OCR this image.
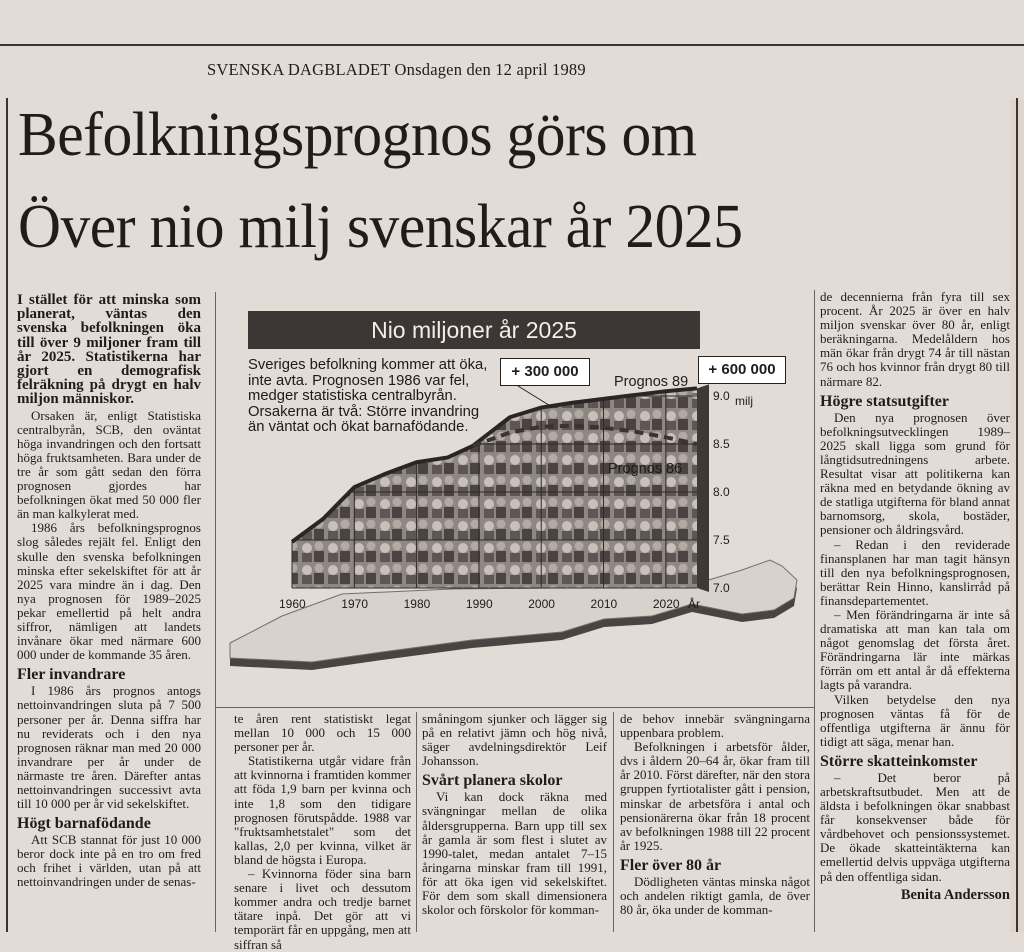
SVENSKA DAGBLADET Onsdagen den 12 april 1989
Befolkningsprognos görs om
Över nio milj svenskar år 2025

I stället för att minska som planerat, väntas den svenska befolkningen öka till över 9 miljoner fram till år 2025. Statistikerna har gjort en demografisk felräkning på drygt en halv miljon människor.

Orsaken är, enligt Statistiska centralbyrån, SCB, den oväntat höga invandringen och den fortsatt höga fruktsamheten. Bara under de tre år som gått sedan den förra prognosen gjordes har befolkningen ökat med 50 000 fler än man kalkylerat med.

1986 års befolkningsprognos slog således rejält fel. Enligt den skulle den svenska befolkningen minska efter sekelskiftet för att år 2025 vara mindre än i dag. Den nya prognosen för 1989–2025 pekar emellertid på helt andra siffror, nämligen att landets invånare ökar med närmare 600 000 under de kommande 35 åren.

Fler invandrare

I 1986 års prognos antogs nettoinvandringen sluta på 7 500 personer per år. Denna siffra har nu reviderats och i den nya prognosen räknar man med 20 000 invandrare per år under de närmaste tre åren. Därefter antas nettoinvandringen successivt avta till 10 000 per år vid sekelskiftet.

Högt barnafödande

Att SCB stannat för just 10 000 beror dock inte på en tro om fred och frihet i världen, utan på att nettoinvandringen under de senas-

Nio miljoner år 2025
Sveriges befolkning kommer att öka, inte avta. Prognosen 1986 var fel, medger statistiska centralbyrån. Orsakerna är två: Större invandring än väntat och ökat barnafödande.
+ 300 000	+ 600 000
Prognos 89
Prognos 86
7.0
7.5
8.0
8.5
9.0
1960	1970	1980	1990	2000	2010	2020
milj
År

te åren rent statistiskt legat mellan 10 000 och 15 000 personer per år.

Statistikerna utgår vidare från att kvinnorna i framtiden kommer att föda 1,9 barn per kvinna och inte 1,8 som den tidigare prognosen förutspådde. 1988 var "fruktsamhetstalet" som det kallas, 2,0 per kvinna, vilket är bland de högsta i Europa.

– Kvinnorna föder sina barn senare i livet och dessutom kommer andra och tredje barnet tätare inpå. Det gör att vi temporärt får en uppgång, men att siffran så

småningom sjunker och lägger sig på en relativt jämn och hög nivå, säger avdelningsdirektör Leif Johansson.

Svårt planera skolor

Vi kan dock räkna med svängningar mellan de olika åldersgrupperna. Barn upp till sex år gamla är som flest i slutet av 1990-talet, medan antalet 7–15 åringarna minskar fram till 1991, för att öka igen vid sekelskiftet. För dem som skall dimensionera skolor och förskolor för komman-

de behov innebär svängningarna uppenbara problem.

Befolkningen i arbetsför ålder, dvs i åldern 20–64 år, ökar fram till år 2010. Först därefter, när den stora gruppen fyrtiotalister gått i pension, minskar de arbetsföra i antal och pensionärerna ökar från 18 procent av befolkningen 1988 till 22 procent år 1925.

Fler över 80 år

Dödligheten väntas minska något och andelen riktigt gamla, de över 80 år, öka under de komman-

de decennierna från fyra till sex procent. År 2025 är över en halv miljon svenskar över 80 år, enligt beräkningarna. Medelåldern hos män ökar från drygt 74 år till nästan 76 och hos kvinnor från drygt 80 till närmare 82.

Högre statsutgifter

Den nya prognosen över befolkningsutvecklingen 1989–2025 skall ligga som grund för långtidsutredningens arbete. Resultat visar att politikerna kan räkna med en betydande ökning av de statliga utgifterna för bland annat barnomsorg, skola, bostäder, pensioner och åldringsvård.

– Redan i den reviderade finansplanen har man tagit hänsyn till den nya befolkningsprognosen, berättar Rein Hinno, kanslirråd på finansdepartementet.

– Men förändringarna är inte så dramatiska att man kan tala om något genomslag det första året. Förändringarna lär inte märkas förrän om ett antal år då effekterna lagts på varandra.

Vilken betydelse den nya prognosen väntas få för de offentliga utgifterna är ännu för tidigt att säga, menar han.

Större skatteinkomster

– Det beror på arbetskraftsutbudet. Men att de äldsta i befolkningen ökar snabbast får konsekvenser både för vårdbehovet och pensionssystemet. De ökade skatteintäkterna kan emellertid delvis uppväga utgifterna på den offentliga sidan.

Benita Andersson
